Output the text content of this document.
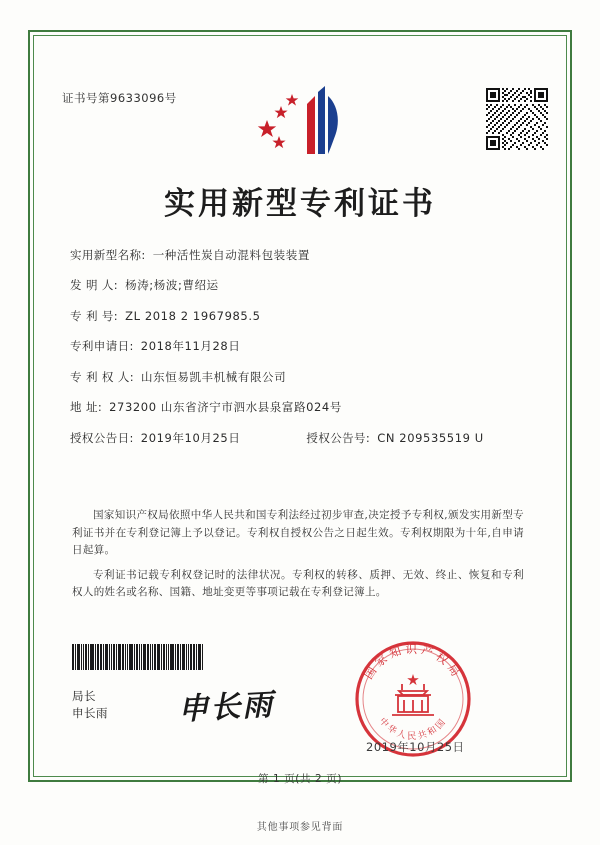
证书号第9633096号
实用新型专利证书
实用新型名称: 一种活性炭自动混料包装装置
发 明 人: 杨涛;杨波;曹绍运
专 利 号: ZL 2018 2 1967985.5
专利申请日: 2018年11月28日
专 利 权 人: 山东恒易凯丰机械有限公司
地 址: 273200 山东省济宁市泗水县泉富路024号
授权公告日: 2019年10月25日	授权公告号: CN 209535519 U

国家知识产权局依照中华人民共和国专利法经过初步审查,决定授予专利权,颁发实用新型专利证书并在专利登记簿上予以登记。专利权自授权公告之日起生效。专利权期限为十年,自申请日起算。

专利证书记载专利权登记时的法律状况。专利权的转移、质押、无效、终止、恢复和专利权人的姓名或名称、国籍、地址变更等事项记载在专利登记簿上。

局长
申长雨 申长雨
国家知识产权局
中华人民共和国
2019年10月25日
第 1 页(共 2 页)
其他事项参见背面
